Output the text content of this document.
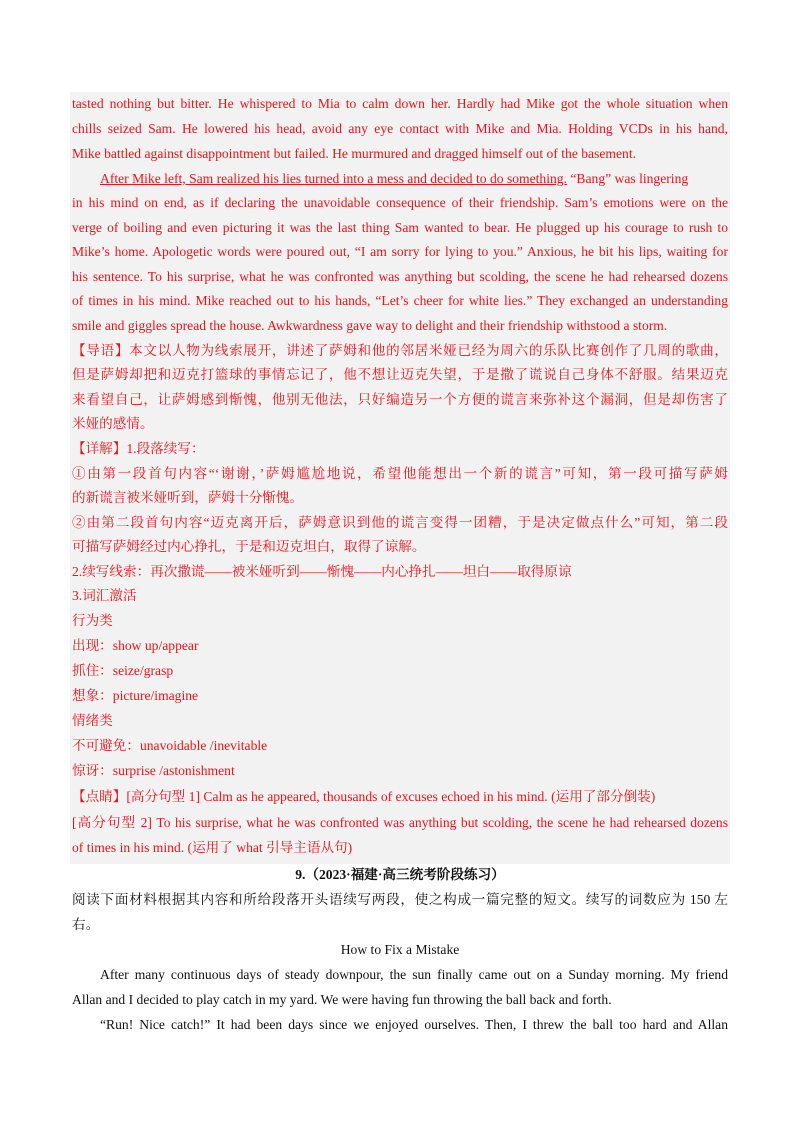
tasted nothing but bitter. He whispered to Mia to calm down her. Hardly had Mike got the whole situation when
chills seized Sam. He lowered his head, avoid any eye contact with Mike and Mia. Holding VCDs in his hand,
Mike battled against disappointment but failed. He murmured and dragged himself out of the basement.
After Mike left, Sam realized his lies turned into a mess and decided to do something. “Bang” was lingering
in his mind on end, as if declaring the unavoidable consequence of their friendship. Sam’s emotions were on the
verge of boiling and even picturing it was the last thing Sam wanted to bear. He plugged up his courage to rush to
Mike’s home. Apologetic words were poured out, “I am sorry for lying to you.” Anxious, he bit his lips, waiting for
his sentence. To his surprise, what he was confronted was anything but scolding, the scene he had rehearsed dozens
of times in his mind. Mike reached out to his hands, “Let’s cheer for white lies.” They exchanged an understanding
smile and giggles spread the house. Awkwardness gave way to delight and their friendship withstood a storm.
【导语】本文以人物为线索展开，讲述了萨姆和他的邻居米娅已经为周六的乐队比赛创作了几周的歌曲，
但是萨姆却把和迈克打篮球的事情忘记了，他不想让迈克失望，于是撒了谎说自己身体不舒服。结果迈克
来看望自己，让萨姆感到惭愧，他别无他法，只好编造另一个方便的谎言来弥补这个漏洞，但是却伤害了
米娅的感情。
【详解】1.段落续写：
①由第一段首句内容“‘谢谢，’萨姆尴尬地说，希望他能想出一个新的谎言”可知，第一段可描写萨姆
的新谎言被米娅听到，萨姆十分惭愧。
②由第二段首句内容“迈克离开后，萨姆意识到他的谎言变得一团糟，于是决定做点什么”可知，第二段
可描写萨姆经过内心挣扎，于是和迈克坦白，取得了谅解。
2.续写线索：再次撒谎——被米娅听到——惭愧——内心挣扎——坦白——取得原谅
3.词汇激活
行为类
出现：show up/appear
抓住：seize/grasp
想象：picture/imagine
情绪类
不可避免：unavoidable /inevitable
惊讶：surprise /astonishment
【点睛】[高分句型 1] Calm as he appeared, thousands of excuses echoed in his mind. (运用了部分倒装)
[高分句型 2] To his surprise, what he was confronted was anything but scolding, the scene he had rehearsed dozens
of times in his mind. (运用了 what 引导主语从句)
9.（2023·福建·高三统考阶段练习）
阅读下面材料根据其内容和所给段落开头语续写两段，使之构成一篇完整的短文。续写的词数应为 150 左
右。
How to Fix a Mistake
After many continuous days of steady downpour, the sun finally came out on a Sunday morning. My friend
Allan and I decided to play catch in my yard. We were having fun throwing the ball back and forth.
“Run! Nice catch!” It had been days since we enjoyed ourselves. Then, I threw the ball too hard and Allan
